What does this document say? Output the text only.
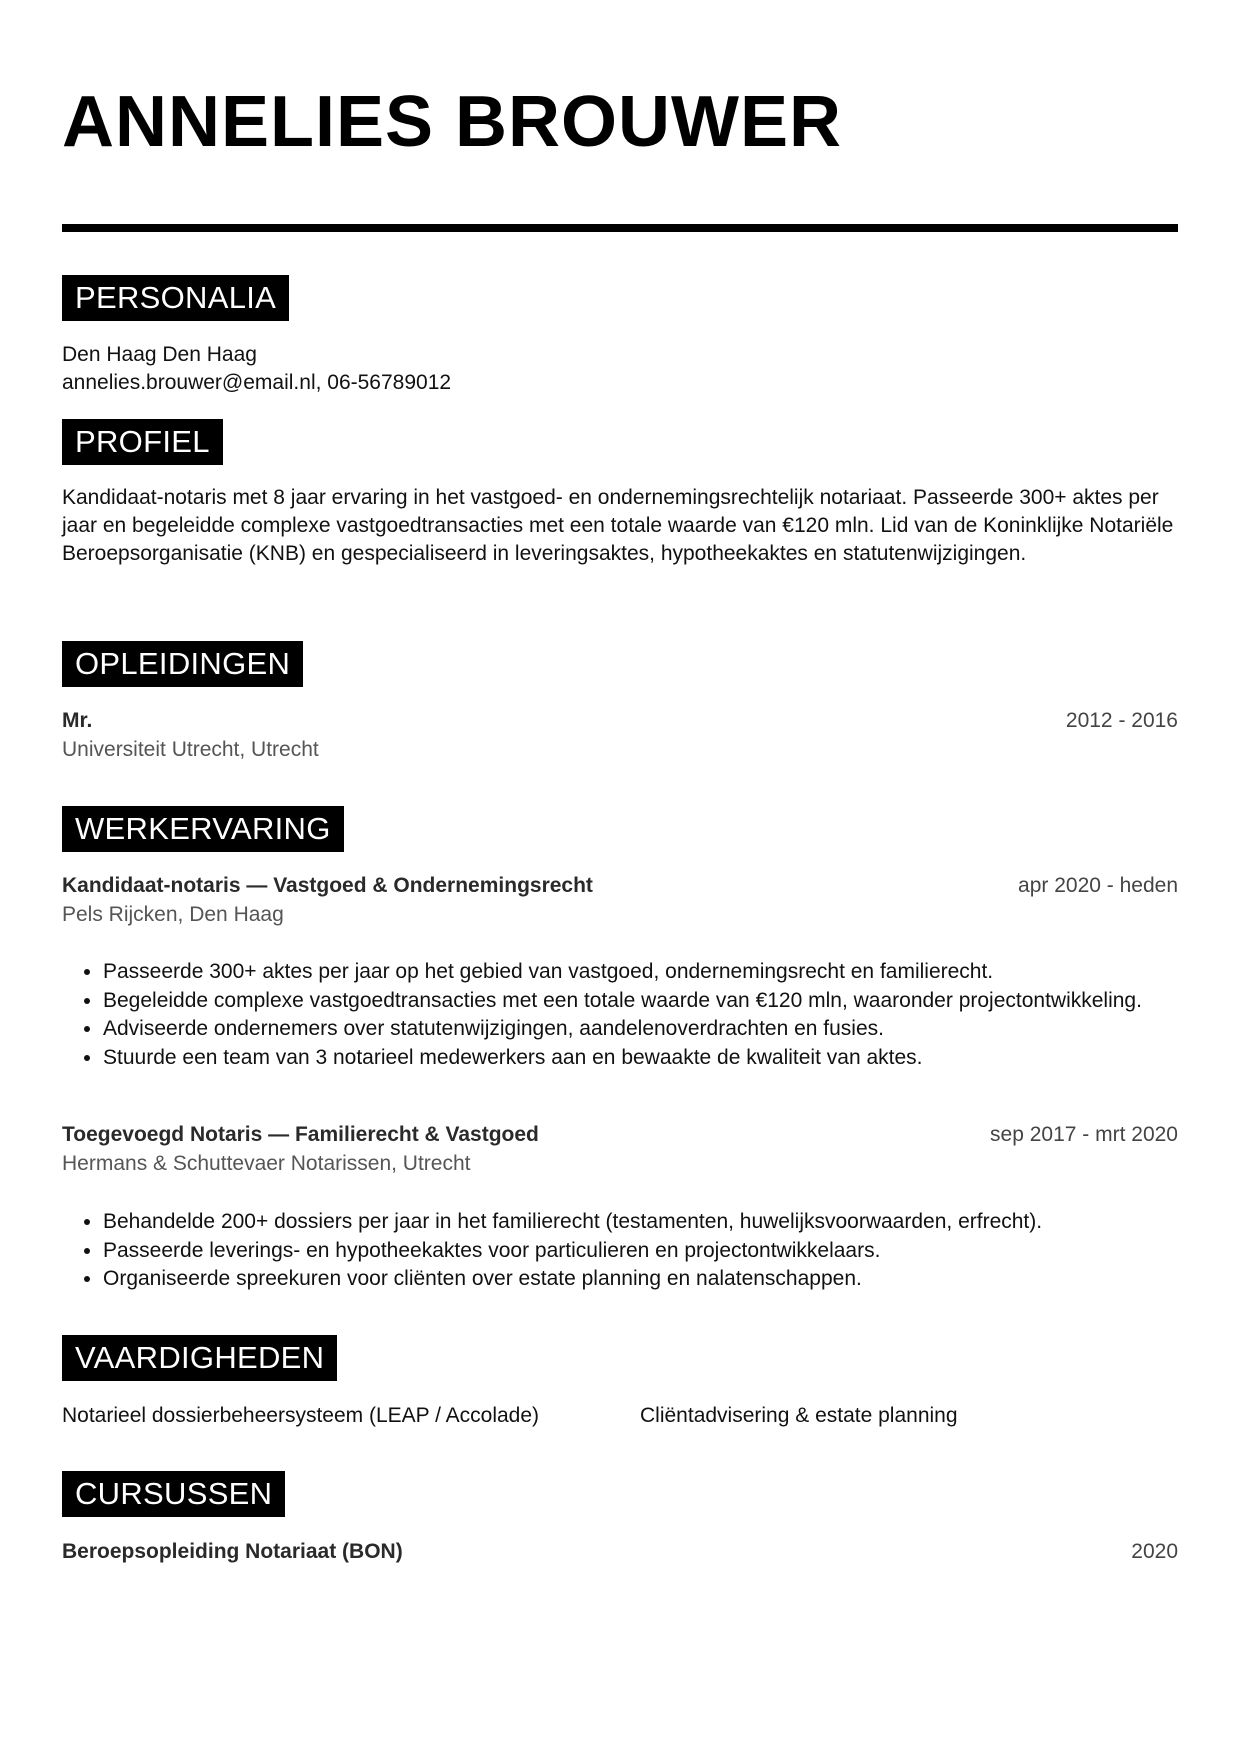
ANNELIES BROUWER
PERSONALIA
Den Haag Den Haag
annelies.brouwer@email.nl, 06-56789012
PROFIEL
Kandidaat-notaris met 8 jaar ervaring in het vastgoed- en ondernemingsrechtelijk notariaat. Passeerde 300+ aktes per jaar en begeleidde complexe vastgoedtransacties met een totale waarde van €120 mln. Lid van de Koninklijke Notariële Beroepsorganisatie (KNB) en gespecialiseerd in leveringsaktes, hypotheekaktes en statutenwijzigingen.
OPLEIDINGEN
Mr.	2012 - 2016
Universiteit Utrecht, Utrecht
WERKERVARING
Kandidaat-notaris — Vastgoed & Ondernemingsrecht	apr 2020 - heden
Pels Rijcken, Den Haag
• Passeerde 300+ aktes per jaar op het gebied van vastgoed, ondernemingsrecht en familierecht.
• Begeleidde complexe vastgoedtransacties met een totale waarde van €120 mln, waaronder projectontwikkeling.
• Adviseerde ondernemers over statutenwijzigingen, aandelenoverdrachten en fusies.
• Stuurde een team van 3 notarieel medewerkers aan en bewaakte de kwaliteit van aktes.
Toegevoegd Notaris — Familierecht & Vastgoed	sep 2017 - mrt 2020
Hermans & Schuttevaer Notarissen, Utrecht
• Behandelde 200+ dossiers per jaar in het familierecht (testamenten, huwelijksvoorwaarden, erfrecht).
• Passeerde leverings- en hypotheekaktes voor particulieren en projectontwikkelaars.
• Organiseerde spreekuren voor cliënten over estate planning en nalatenschappen.
VAARDIGHEDEN
Notarieel dossierbeheersysteem (LEAP / Accolade)	Cliëntadvisering & estate planning
CURSUSSEN
Beroepsopleiding Notariaat (BON)	2020
